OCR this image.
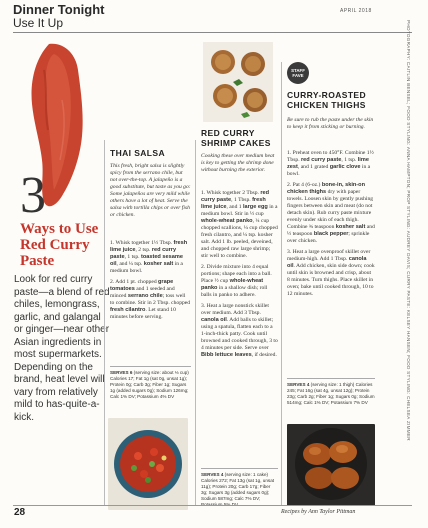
Dinner Tonight
Use It Up
APRIL 2018
3
Ways to Use Red Curry Paste
Look for red curry paste—a blend of red chiles, lemongrass, garlic, and galangal or ginger—near other Asian ingredients in most supermarkets. Depending on the brand, heat level will vary from relatively mild to has-quite-a-kick.
THAI SALSA
This fresh, bright salsa is slightly spicy from the serrano chile, but not over-the-top. A jalapeño is a good substitute, but taste as you go: Some jalapeños are very mild while others have a lot of heat. Serve the salsa with tortilla chips or over fish or chicken.
1. Whisk together 1½ Tbsp. fresh lime juice, 2 tsp. red curry paste, 1 tsp. toasted sesame oil, and ¼ tsp. kosher salt in a medium bowl.
2. Add 1 pt. chopped grape tomatoes and 1 seeded and minced serrano chile; toss well to combine. Stir in 2 Tbsp. chopped fresh cilantro. Let stand 10 minutes before serving.
SERVES 6 (serving size: about ⅓ cup) Calories 17; Fat 1g (sat 0g, unsat 1g); Protein 0g; Carb 3g; Fiber 1g; Sugars 1g (added sugars 0g); Sodium 126mg; Calc 1% DV; Potassium 4% DV
RED CURRY SHRIMP CAKES
Cooking these over medium heat is key to getting the shrimp done without burning the exterior.
1. Whisk together 2 Tbsp. red curry paste, 1 Tbsp. fresh lime juice, and 1 large egg in a medium bowl. Stir in ½ cup whole-wheat panko, ¼ cup chopped scallions, ¼ cup chopped fresh cilantro, and ¼ tsp. kosher salt. Add 1 lb. peeled, deveined, and chopped raw large shrimp; stir well to combine.
2. Divide mixture into 4 equal portions; shape each into a ball. Place ½ cup whole-wheat panko in a shallow dish; roll balls in panko to adhere.
3. Heat a large nonstick skillet over medium. Add 3 Tbsp. canola oil. Add balls to skillet; using a spatula, flatten each to a 1-inch-thick patty. Cook until browned and cooked through, 3 to 4 minutes per side. Serve over Bibb lettuce leaves, if desired.
SERVES 4 (serving size: 1 cake) Calories 272; Fat 13g (sat 1g, unsat 11g); Protein 20g; Carb 17g; Fiber 3g; Sugars 3g (added sugars 0g); Sodium 587mg; Calc 7% DV; Potassium 5% DV
STAFF
FAVE
CURRY-ROASTED CHICKEN THIGHS
Be sure to rub the paste under the skin to keep it from sticking or burning.
1. Preheat oven to 450°F. Combine 1½ Tbsp. red curry paste, 1 tsp. lime zest, and 1 grated garlic clove in a bowl.
2. Pat 4 (6-oz.) bone-in, skin-on chicken thighs dry with paper towels. Loosen skin by gently pushing fingers between skin and meat (do not detach skin). Rub curry paste mixture evenly under skin of each thigh. Combine ¾ teaspoon kosher salt and ½ teaspoon black pepper; sprinkle over chicken.
3. Heat a large ovenproof skillet over medium-high. Add 1 Tbsp. canola oil. Add chicken, skin side down; cook until skin is browned and crisp, about 8 minutes. Turn thighs. Place skillet in oven; bake until cooked through, 10 to 12 minutes.
SERVES 4 (serving size: 1 thigh) Calories 245; Fat 16g (sat 4g, unsat 12g); Protein 23g; Carb 2g; Fiber 1g; Sugars 0g; Sodium 514mg; Calc 1% DV; Potassium 7% DV	PHOTOGRAPHY: CAITLIN BENSEL; FOOD STYLING: ANNA HAMPTON; PROP STYLING: AUDREY DAVIS; CURRY PASTE: KELSEY HANSEN; FOOD STYLING: CHELSEA ZIMMER
28	Recipes by Ann Taylor Pittman
